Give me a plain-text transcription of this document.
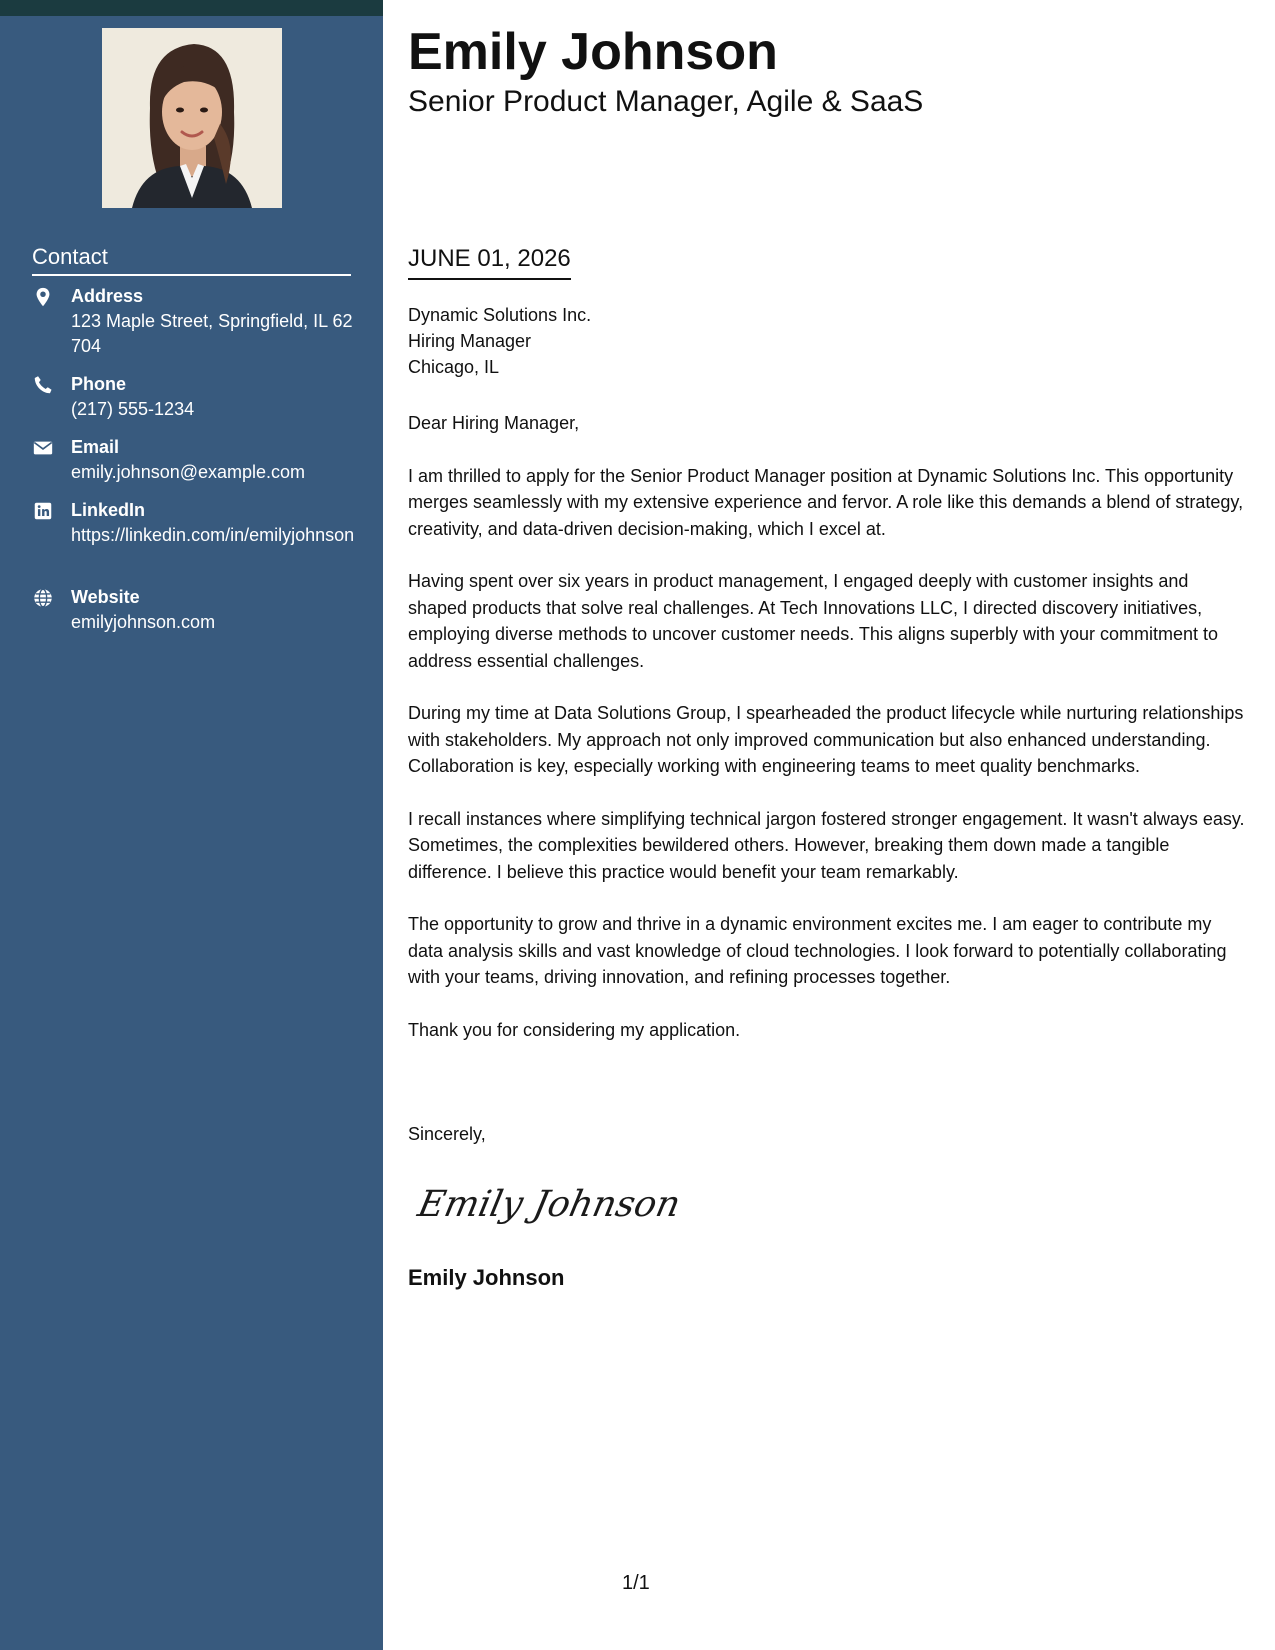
Contact
Address
123 Maple Street, Springfield, IL 62704
Phone
(217) 555-1234
Email
emily.johnson@example.com
LinkedIn
https://linkedin.com/in/emilyjohnson
Website
emilyjohnson.com
Emily Johnson
Senior Product Manager, Agile & SaaS
JUNE 01, 2026
Dynamic Solutions Inc.
Hiring Manager
Chicago, IL

Dear Hiring Manager,

I am thrilled to apply for the Senior Product Manager position at Dynamic Solutions Inc. This opportunity merges seamlessly with my extensive experience and fervor. A role like this demands a blend of strategy, creativity, and data-driven decision-making, which I excel at.

Having spent over six years in product management, I engaged deeply with customer insights and shaped products that solve real challenges. At Tech Innovations LLC, I directed discovery initiatives, employing diverse methods to uncover customer needs. This aligns superbly with your commitment to address essential challenges.

During my time at Data Solutions Group, I spearheaded the product lifecycle while nurturing relationships with stakeholders. My approach not only improved communication but also enhanced understanding. Collaboration is key, especially working with engineering teams to meet quality benchmarks.

I recall instances where simplifying technical jargon fostered stronger engagement. It wasn't always easy. Sometimes, the complexities bewildered others. However, breaking them down made a tangible difference. I believe this practice would benefit your team remarkably.

The opportunity to grow and thrive in a dynamic environment excites me. I am eager to contribute my data analysis skills and vast knowledge of cloud technologies. I look forward to potentially collaborating with your teams, driving innovation, and refining processes together.

Thank you for considering my application.

Sincerely,
Emily Johnson
Emily Johnson
1/1
